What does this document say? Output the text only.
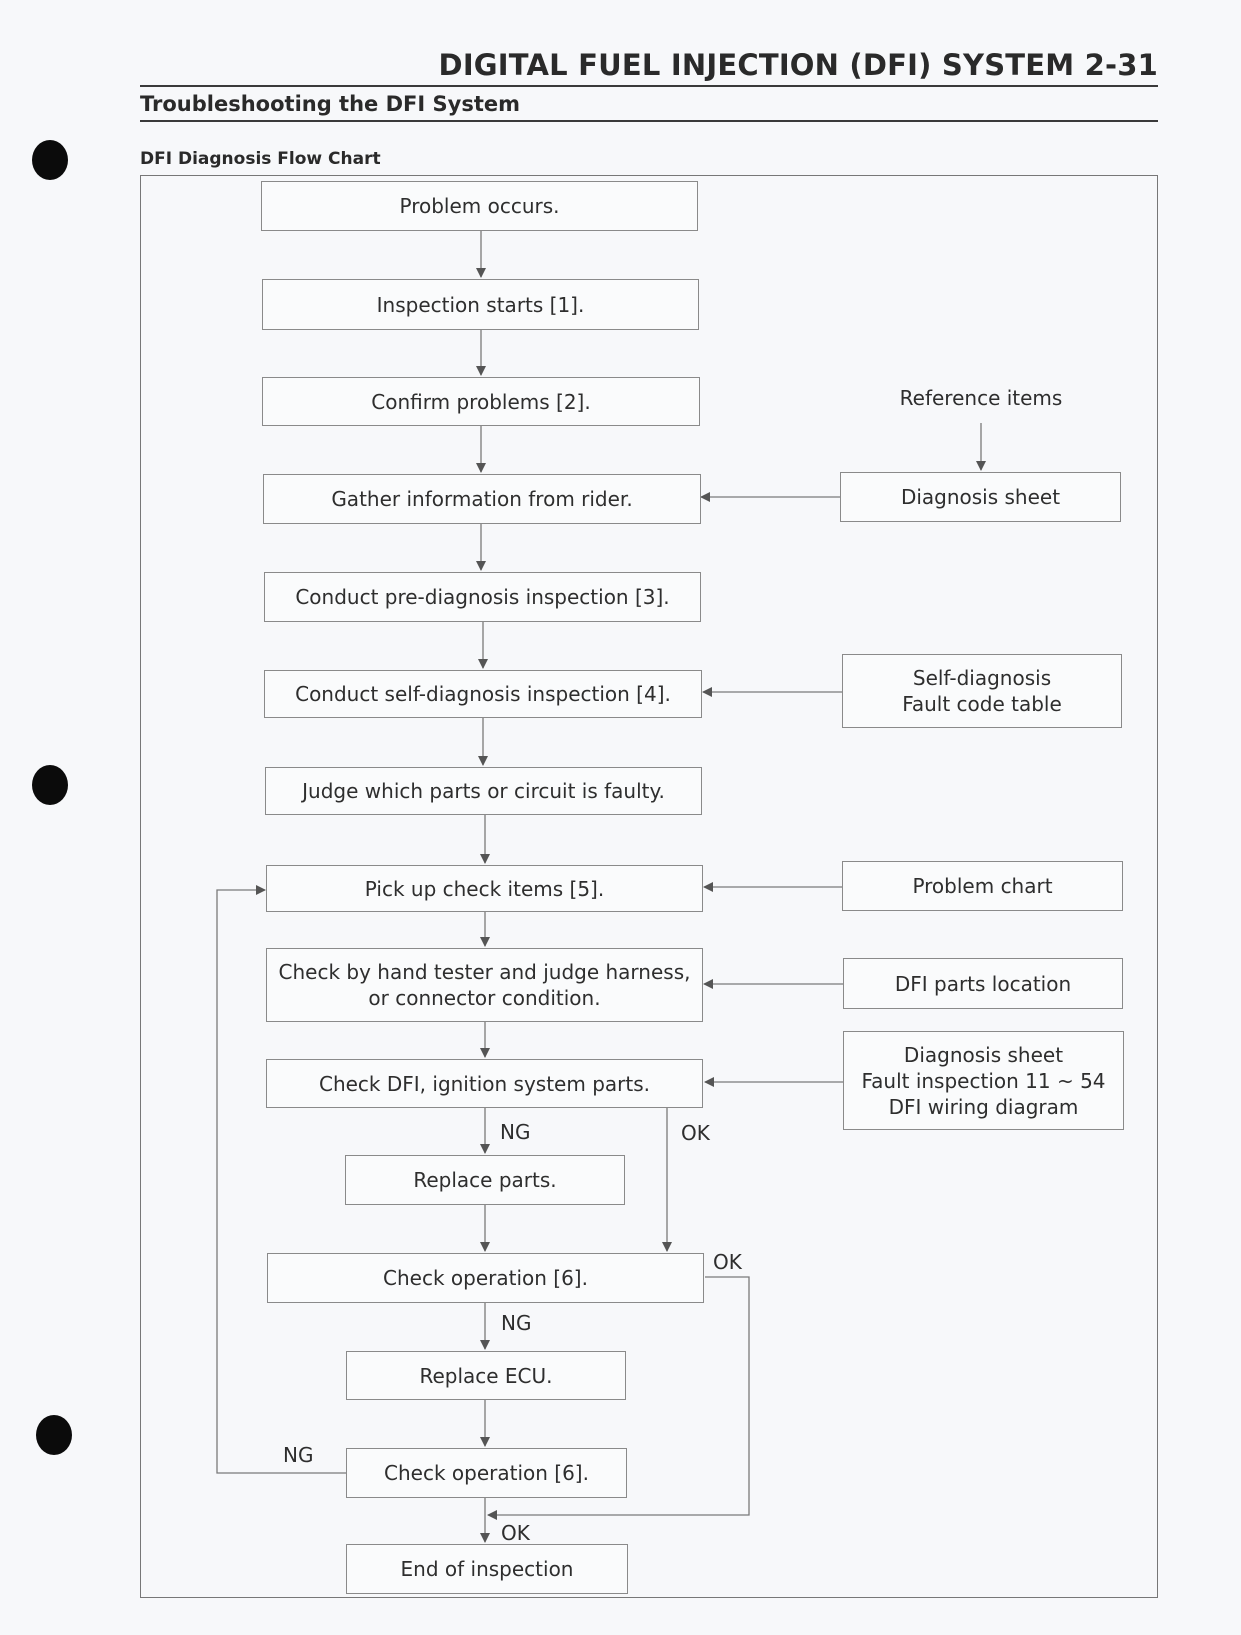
DIGITAL FUEL INJECTION (DFI) SYSTEM 2-31
Troubleshooting the DFI System
DFI Diagnosis Flow Chart
Problem occurs.
Inspection starts [1].
Confirm problems [2].
Gather information from rider.
Conduct pre-diagnosis inspection [3].
Conduct self-diagnosis inspection [4].
Judge which parts or circuit is faulty.
Pick up check items [5].
Check by hand tester and judge harness,
or connector condition.
Check DFI, ignition system parts.
Replace parts.
Check operation [6].
Replace ECU.
Check operation [6].
End of inspection
Reference items
Diagnosis sheet
Self-diagnosis
Fault code table
Problem chart
DFI parts location
Diagnosis sheet
Fault inspection 11 ~ 54
DFI wiring diagram
NG	OK
OK
NG
NG
OK
